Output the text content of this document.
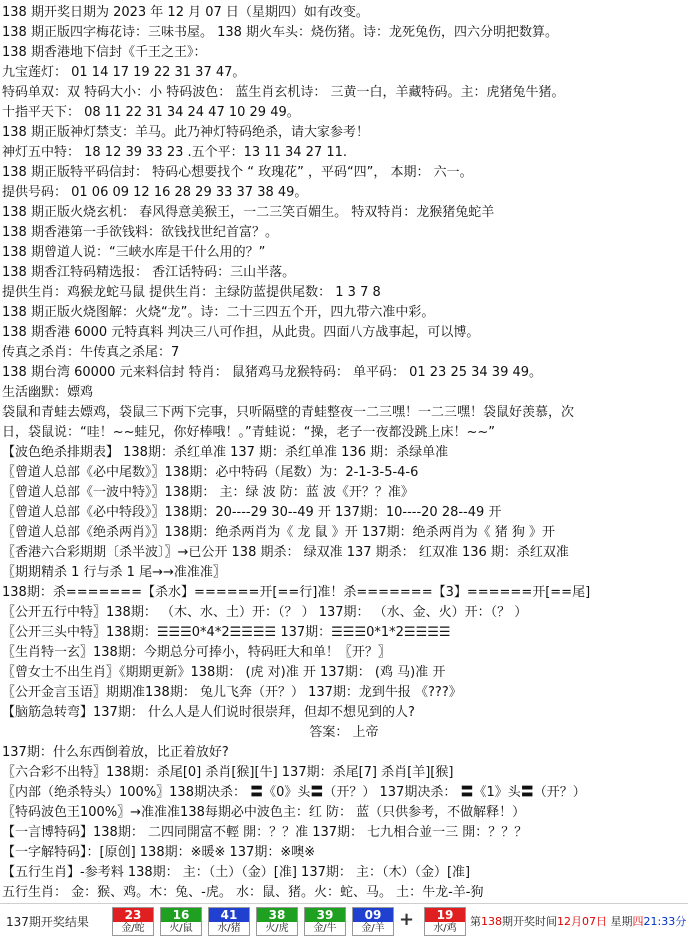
138 期开奖日期为 2023 年 12 月 07 日（星期四）如有改变。
138 期正版四字梅花诗：三味书屋。 138 期火车头：烧伤猪。诗：龙死兔伤，四六分明把数算。
138 期香港地下信封《千王之王》：
九宝莲灯： 01 14 17 19 22 31 37 47。
特码单双：双 特码大小：小 特码波色： 蓝生肖玄机诗： 三黄一白，羊藏特码。主：虎猪兔牛猪。
十指平天下： 08 11 22 31 34 24 47 10 29 49。
138 期正版神灯禁支：羊马。此乃神灯特码绝杀，请大家参考！
神灯五中特： 18 12 39 33 23 .五个平：13 11 34 27 11.
138 期正版特平码信封： 特码心想要找个 “ 玫瑰花” ，平码“四”， 本期： 六一。
提供号码： 01 06 09 12 16 28 29 33 37 38 49。
138 期正版火烧玄机： 春风得意美猴王，一二三笑百媚生。 特双特肖：龙猴猪兔蛇羊
138 期香港第一手欲钱料：欲钱找世纪首富？。
138 期曾道人说：“三峡水库是干什么用的？”
138 期香江特码精选报： 香江话特码：三山半落。
提供生肖：鸡猴龙蛇马鼠 提供生肖：主绿防蓝提供尾数： 1 3 7 8
138 期正版火烧图解：火烧“龙”。诗：二十三四五个开，四九带六准中彩。
138 期香港 6000 元特真料 判决三八可作担，从此贵。四面八方战事起，可以博。
传真之杀肖：牛传真之杀尾：7
138 期台湾 60000 元来料信封 特肖： 鼠猪鸡马龙猴特码： 单平码： 01 23 25 34 39 49。
生活幽默：嫖鸡
袋鼠和青蛙去嫖鸡，袋鼠三下两下完事，只听隔壁的青蛙整夜一二三嘿！一二三嘿！袋鼠好羡慕，次
日，袋鼠说：“哇！~~蛙兄，你好棒哦！。”青蛙说：“操，老子一夜都没跳上床！~~”
【波色绝杀排期表】 138期：杀红单准 137 期：杀红单准 136 期：杀绿单准
〖曾道人总部《必中尾数》〗138期：必中特码（尾数）为：2-1-3-5-4-6
〖曾道人总部《一波中特》〗138期： 主：绿 波 防：蓝 波《开？？准》
〖曾道人总部《必中特段》〗138期：20----29 30--49 开 137期：10----20 28--49 开
〖曾道人总部《绝杀两肖》〗138期：绝杀两肖为《 龙 鼠 》开 137期：绝杀两肖为《 猪 狗 》开
〖香港六合彩期期〔杀半波〕〗→已公开 138 期杀： 绿双准 137 期杀： 红双准 136 期：杀红双准
〖期期精杀 1 行与杀 1 尾→→准准准〗
138期：杀=======【杀水】======开[==行]准！杀=======【3】======开[==尾]
〖公开五行中特〗138期： （木、水、土）开：（？ ） 137期： （水、金、火）开：（？ ）
〖公开三头中特〗138期：☰☰☰0*4*2☰☰☰☰ 137期：☰☰☰0*1*2☰☰☰☰
〖生肖特一玄〗138期：今期总分可捧小，特码旺大和单！〖开？〗
〖曾女士不出生肖〗《期期更新》138期： (虎 对)准 开 137期： (鸡 马)准 开
〖公开金言玉语〗期期准138期： 兔儿飞奔（开？） 137期：龙到牛报 《???》
【脑筋急转弯】137期： 什么人是人们说时很崇拜，但却不想见到的人?
答案： 上帝
137期：什么东西倒着放，比正着放好?
〖六合彩不出特〗138期：杀尾[0] 杀肖[猴][牛] 137期：杀尾[7] 杀肖[羊][猴]
〖内部（绝杀特头）100%〗138期决杀： 〓《0》头〓（开？） 137期决杀： 〓《1》头〓（开？）
〖特码波色王100%〗→准准准138每期必中波色主：红 防： 蓝（只供参考，不做解释！）
【一言博特码】138期： 二四同開富不輕 開：？？准 137期： 七九相合並一三 開：？？？
【一字解特码】：[原创] 138期：※暖※ 137期：※噢※
【五行生肖】-参考料 138期： 主：（土）（金）[准] 137期： 主：（木）（金）[准]
五行生肖： 金：猴、鸡。木：兔、-虎。 水：鼠、猪。火：蛇、马。 土：牛龙-羊-狗
137期开奖结果	23
金/蛇
16
火/鼠
41
水/猪
38
火/虎
39
金/牛
09
金/羊 +	19
水/鸡
第138期开奖时间12月07日 星期四21:33分
